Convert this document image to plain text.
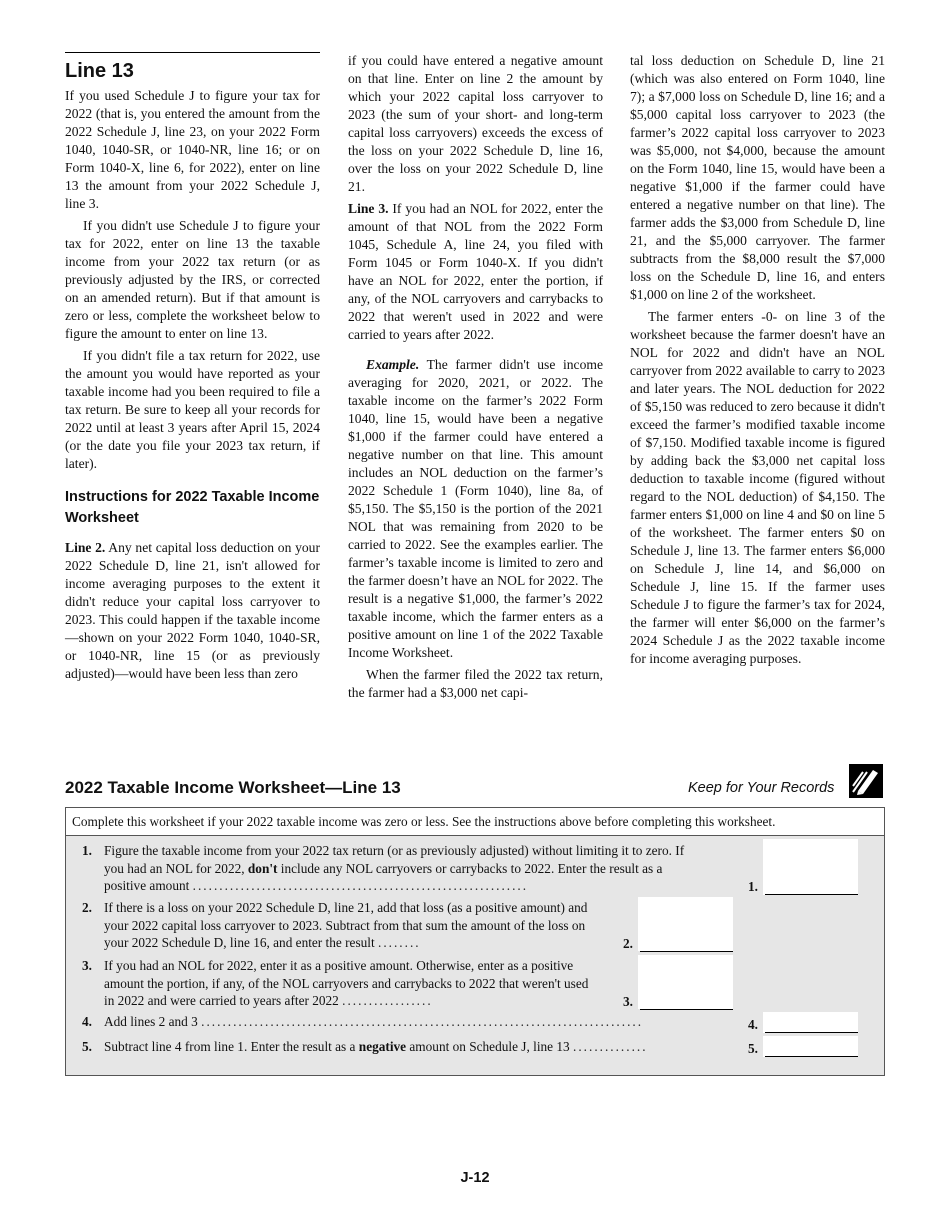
Line 13

If you used Schedule J to figure your tax for 2022 (that is, you entered the amount from the 2022 Schedule J, line 23, on your 2022 Form 1040, 1040-SR, or 1040-NR, line 16; or on Form 1040-X, line 6, for 2022), enter on line 13 the amount from your 2022 Schedule J, line 3.

If you didn't use Schedule J to figure your tax for 2022, enter on line 13 the taxable income from your 2022 tax return (or as previously adjusted by the IRS, or corrected on an amended return). But if that amount is zero or less, complete the worksheet below to figure the amount to enter on line 13.

If you didn't file a tax return for 2022, use the amount you would have reported as your taxable income had you been required to file a tax return. Be sure to keep all your records for 2022 until at least 3 years after April 15, 2024 (or the date you file your 2023 tax return, if later).

Instructions for 2022 Taxable Income Worksheet

Line 2. Any net capital loss deduction on your 2022 Schedule D, line 21, isn't allowed for income averaging purposes to the extent it didn't reduce your capital loss carryover to 2023. This could happen if the taxable income—shown on your 2022 Form 1040, 1040-SR, or 1040-NR, line 15 (or as previously adjusted)—would have been less than zero

if you could have entered a negative amount on that line. Enter on line 2 the amount by which your 2022 capital loss carryover to 2023 (the sum of your short- and long-term capital loss carryovers) exceeds the excess of the loss on your 2022 Schedule D, line 16, over the loss on your 2022 Schedule D, line 21.

Line 3. If you had an NOL for 2022, enter the amount of that NOL from the 2022 Form 1045, Schedule A, line 24, you filed with Form 1045 or Form 1040-X. If you didn't have an NOL for 2022, enter the portion, if any, of the NOL carryovers and carrybacks to 2022 that weren't used in 2022 and were carried to years after 2022.

Example. The farmer didn't use income averaging for 2020, 2021, or 2022. The taxable income on the farmer’s 2022 Form 1040, line 15, would have been a negative $1,000 if the farmer could have entered a negative number on that line. This amount includes an NOL deduction on the farmer’s 2022 Schedule 1 (Form 1040), line 8a, of $5,150. The $5,150 is the portion of the 2021 NOL that was remaining from 2020 to be carried to 2022. See the examples earlier. The farmer’s taxable income is limited to zero and the farmer doesn’t have an NOL for 2022. The result is a negative $1,000, the farmer’s 2022 taxable income, which the farmer enters as a positive amount on line 1 of the 2022 Taxable Income Worksheet.

When the farmer filed the 2022 tax return, the farmer had a $3,000 net capi-

tal loss deduction on Schedule D, line 21 (which was also entered on Form 1040, line 7); a $7,000 loss on Schedule D, line 16; and a $5,000 capital loss carryover to 2023 (the farmer’s 2022 capital loss carryover to 2023 was $5,000, not $4,000, because the amount on the Form 1040, line 15, would have been a negative $1,000 if the farmer could have entered a negative number on that line). The farmer adds the $3,000 from Schedule D, line 21, and the $5,000 carryover. The farmer subtracts from the $8,000 result the $7,000 loss on the Schedule D, line 16, and enters $1,000 on line 2 of the worksheet.

The farmer enters -0- on line 3 of the worksheet because the farmer doesn't have an NOL for 2022 and didn't have an NOL carryover from 2022 available to carry to 2023 and later years. The NOL deduction for 2022 of $5,150 was reduced to zero because it didn't exceed the farmer’s modified taxable income of $7,150. Modified taxable income is figured by adding back the $3,000 net capital loss deduction to taxable income (figured without regard to the NOL deduction) of $4,150. The farmer enters $1,000 on line 4 and $0 on line 5 of the worksheet. The farmer enters $0 on Schedule J, line 13. The farmer enters $6,000 on Schedule J, line 14, and $6,000 on Schedule J, line 15. If the farmer uses Schedule J to figure the farmer’s tax for 2024, the farmer will enter $6,000 on the farmer’s 2024 Schedule J as the 2022 taxable income for income averaging purposes.

2022 Taxable Income Worksheet—Line 13	Keep for Your Records
Complete this worksheet if your 2022 taxable income was zero or less. See the instructions above before completing this worksheet.
1. Figure the taxable income from your 2022 tax return (or as previously adjusted) without limiting it to zero. If you had an NOL for 2022, don't include any NOL carryovers or carrybacks to 2022. Enter the result as a positive amount ...............................................................	1.
2. If there is a loss on your 2022 Schedule D, line 21, add that loss (as a positive amount) and your 2022 capital loss carryover to 2023. Subtract from that sum the amount of the loss on your 2022 Schedule D, line 16, and enter the result ........	2.
3. If you had an NOL for 2022, enter it as a positive amount. Otherwise, enter as a positive amount the portion, if any, of the NOL carryovers and carrybacks to 2022 that weren't used in 2022 and were carried to years after 2022 .................	3.
4. Add lines 2 and 3 ...................................................................................	4.
5. Subtract line 4 from line 1. Enter the result as a negative amount on Schedule J, line 13 ..............	5.
J-12
